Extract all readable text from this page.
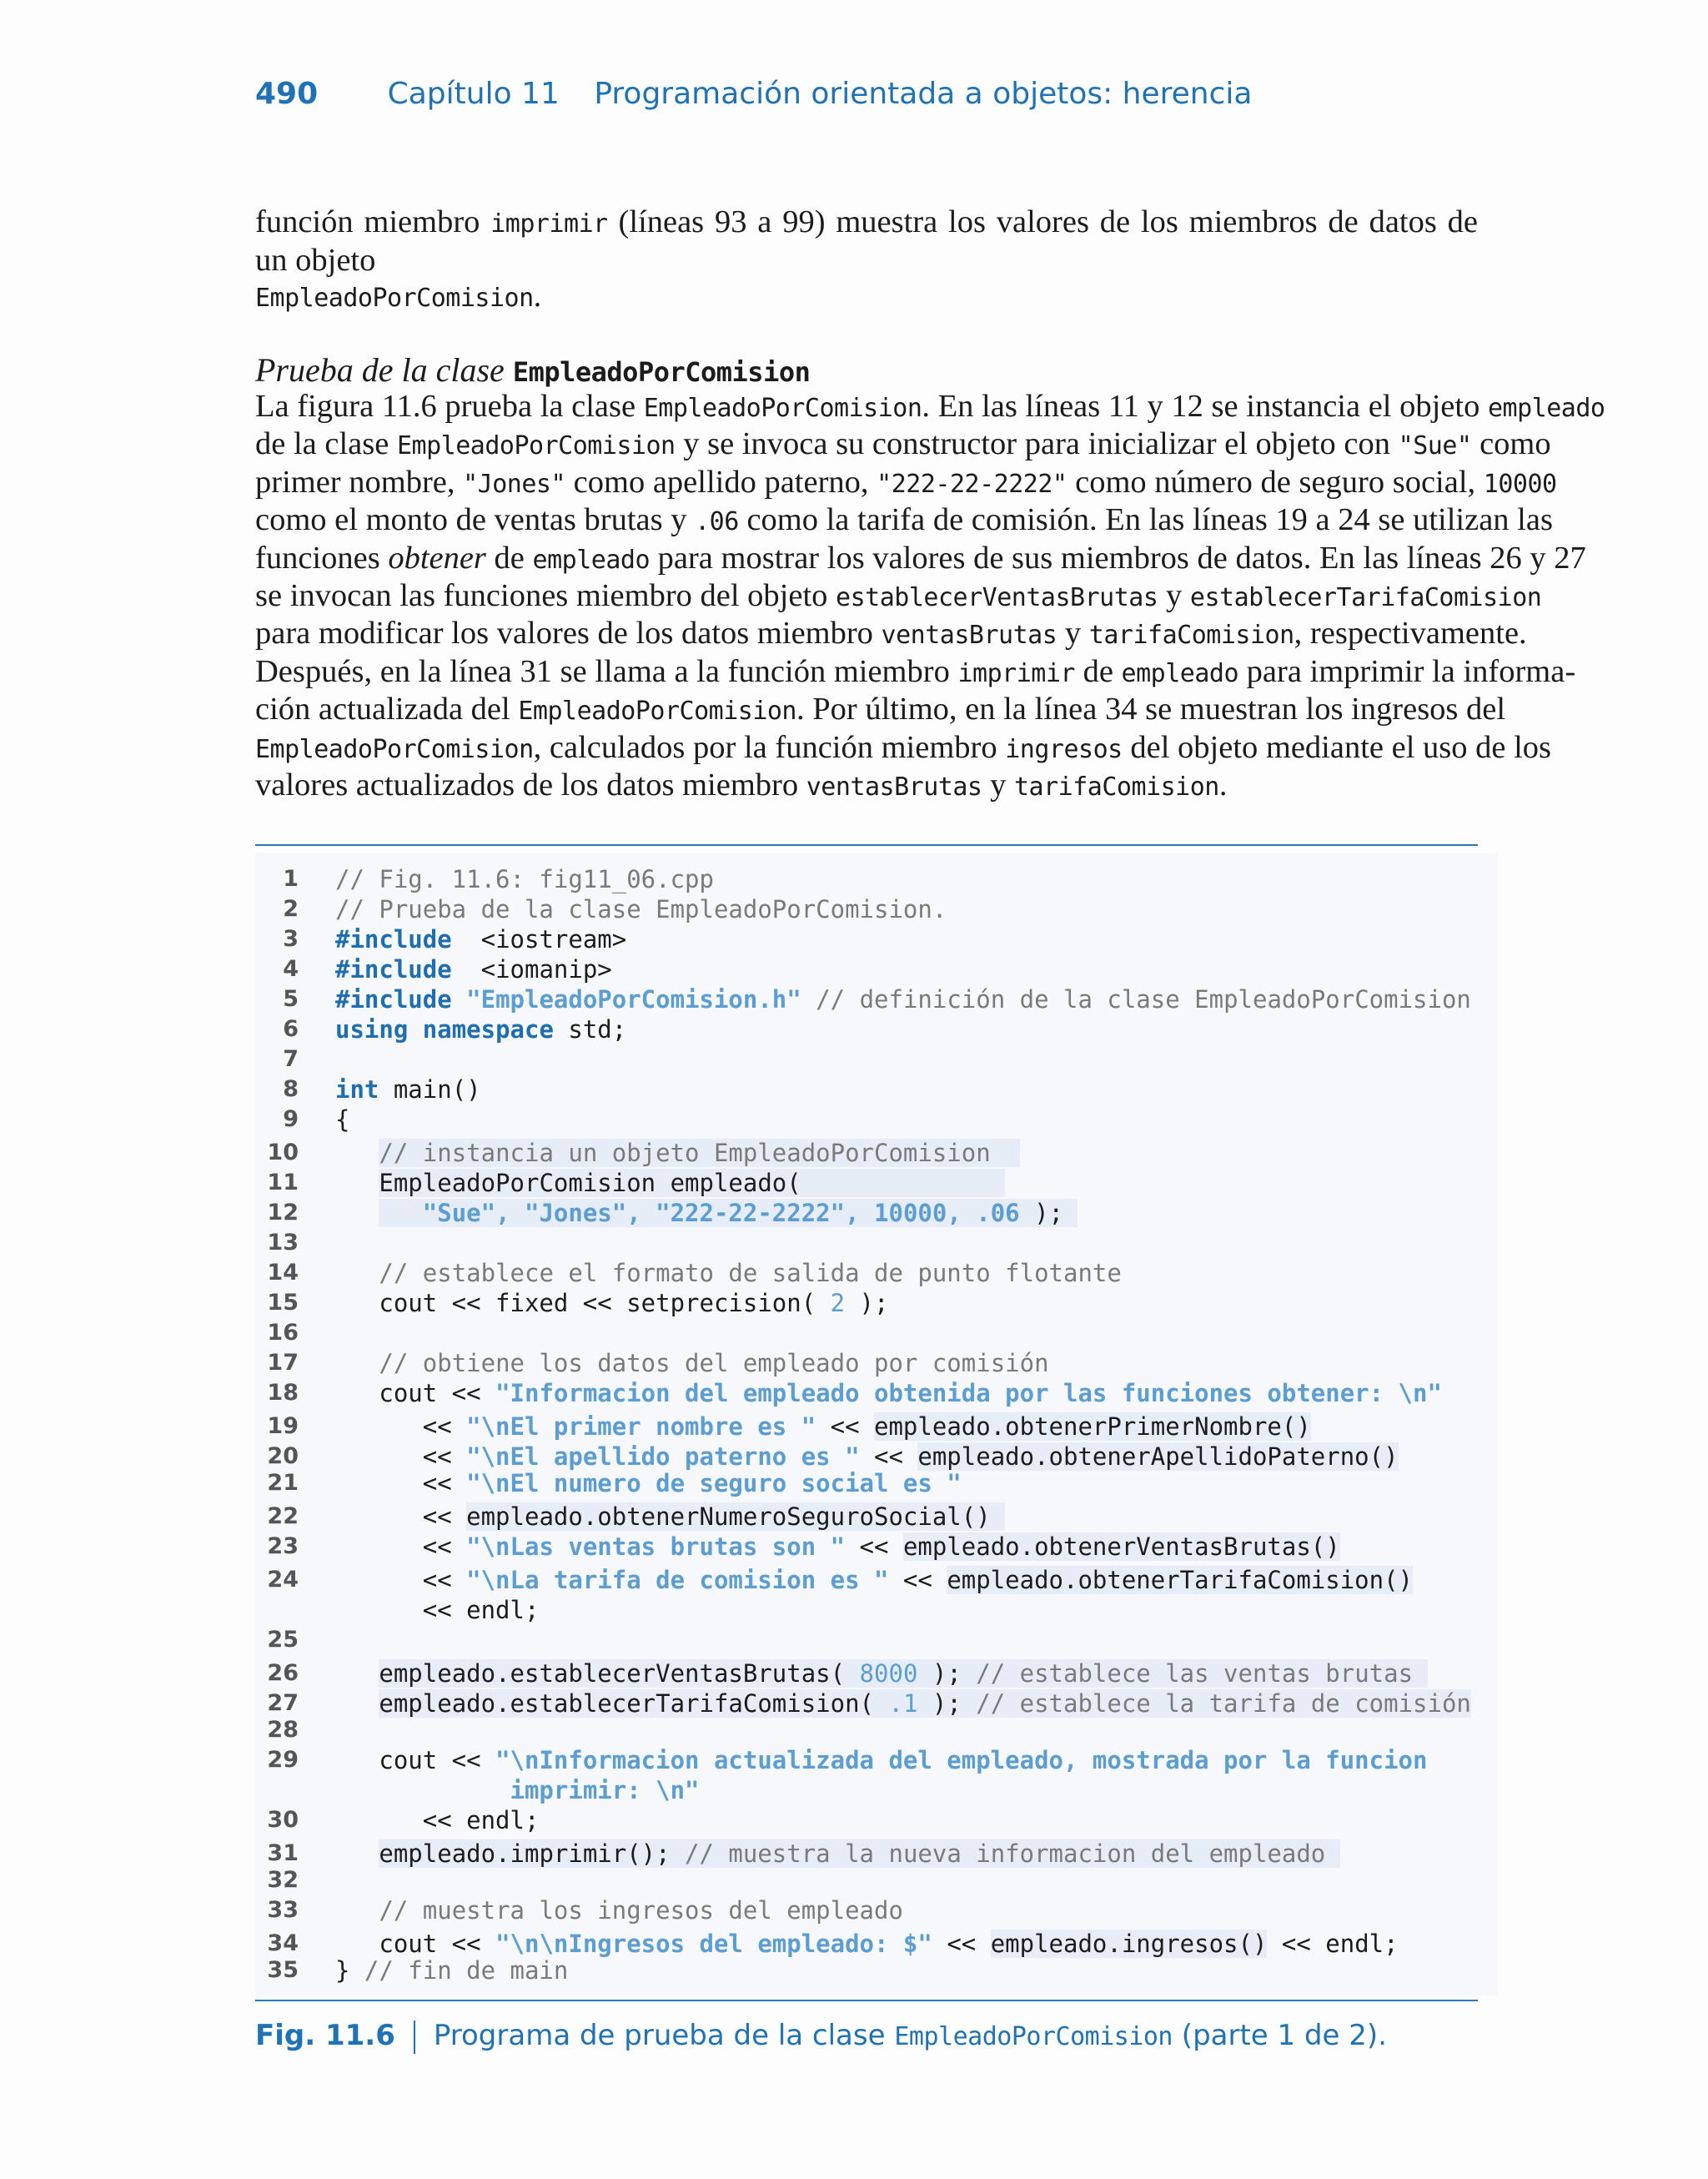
490 Capítulo 11 Programación orientada a objetos: herencia
función miembro imprimir (líneas 93 a 99) muestra los valores de los miembros de datos de un objeto
EmpleadoPorComision.
Prueba de la clase EmpleadoPorComision
La figura 11.6 prueba la clase EmpleadoPorComision. En las líneas 11 y 12 se instancia el objeto empleado
de la clase EmpleadoPorComision y se invoca su constructor para inicializar el objeto con "Sue" como
primer nombre, "Jones" como apellido paterno, "222-22-2222" como número de seguro social, 10000
como el monto de ventas brutas y .06 como la tarifa de comisión. En las líneas 19 a 24 se utilizan las
funciones obtener de empleado para mostrar los valores de sus miembros de datos. En las líneas 26 y 27
se invocan las funciones miembro del objeto establecerVentasBrutas y establecerTarifaComision
para modificar los valores de los datos miembro ventasBrutas y tarifaComision, respectivamente.
Después, en la línea 31 se llama a la función miembro imprimir de empleado para imprimir la informa-
ción actualizada del EmpleadoPorComision. Por último, en la línea 34 se muestran los ingresos del
EmpleadoPorComision, calculados por la función miembro ingresos del objeto mediante el uso de los
valores actualizados de los datos miembro ventasBrutas y tarifaComision.
1 // Fig. 11.6: fig11_06.cpp
2 // Prueba de la clase EmpleadoPorComision.
3 #include  <iostream>
4 #include  <iomanip>
5 #include "EmpleadoPorComision.h" // definición de la clase EmpleadoPorComision
6 using namespace std;
7
8 int main()
9 {
10	// instancia un objeto EmpleadoPorComision
11	EmpleadoPorComision empleado(
12	"Sue", "Jones", "222-22-2222", 10000, .06 );
13
14	// establece el formato de salida de punto flotante
15 cout << fixed << setprecision( 2 );
16
17	// obtiene los datos del empleado por comisión
18 cout << "Informacion del empleado obtenida por las funciones obtener: \n"
19 << "\nEl primer nombre es " << empleado.obtenerPrimerNombre()
20 << "\nEl apellido paterno es " << empleado.obtenerApellidoPaterno()
21 << "\nEl numero de seguro social es "
22 << empleado.obtenerNumeroSeguroSocial()
23 << "\nLas ventas brutas son " << empleado.obtenerVentasBrutas()
24 << "\nLa tarifa de comision es " << empleado.obtenerTarifaComision()
<< endl;
25
26	empleado.establecerVentasBrutas( 8000 ); // establece las ventas brutas
27	empleado.establecerTarifaComision( .1 ); // establece la tarifa de comisión
28
29 cout << "\nInformacion actualizada del empleado, mostrada por la funcion
imprimir: \n"
30 << endl;
31	empleado.imprimir(); // muestra la nueva informacion del empleado
32
33	// muestra los ingresos del empleado
34 cout << "\n\nIngresos del empleado: $" << empleado.ingresos() << endl;
35 } // fin de main
Fig. 11.6 Programa de prueba de la clase EmpleadoPorComision (parte 1 de 2).
